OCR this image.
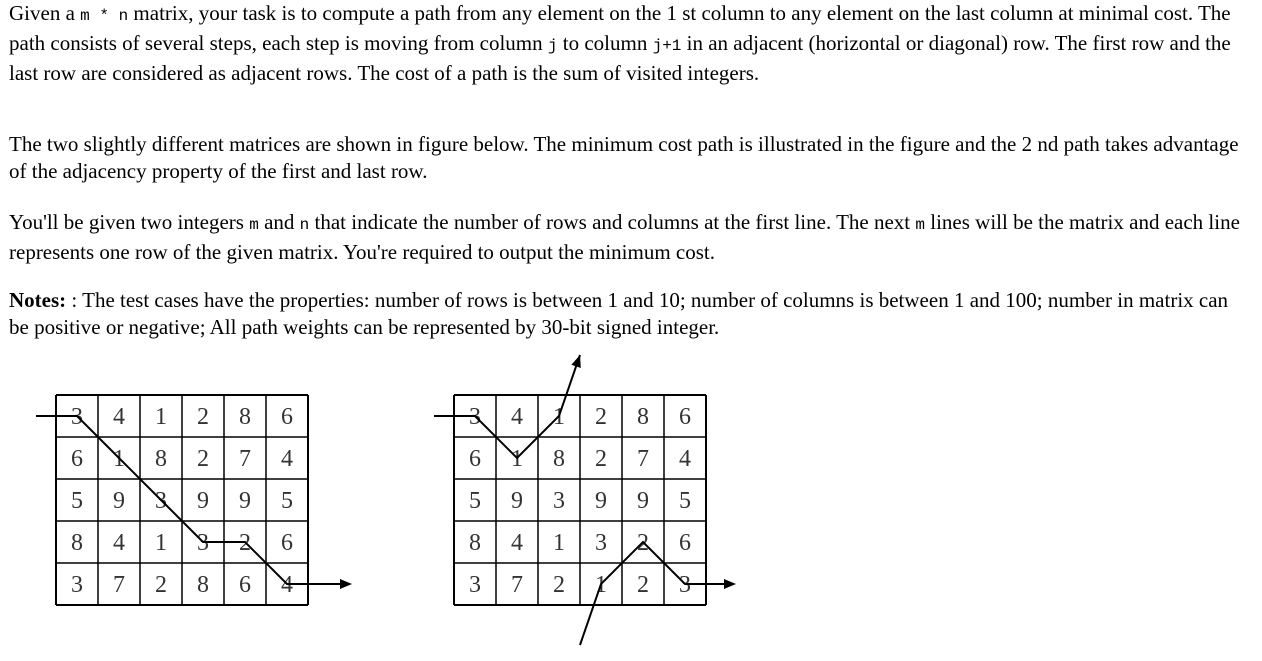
Given a m * n matrix, your task is to compute a path from any element on the 1 st column to any element on the last column at minimal cost. The path consists of several steps, each step is moving from column j to column j+1 in an adjacent (horizontal or diagonal) row. The first row and the last row are considered as adjacent rows. The cost of a path is the sum of visited integers.

The two slightly different matrices are shown in figure below. The minimum cost path is illustrated in the figure and the 2 nd path takes advantage of the adjacency property of the first and last row.

You'll be given two integers m and n that indicate the number of rows and columns at the first line. The next m lines will be the matrix and each line represents one row of the given matrix. You're required to output the minimum cost.

Notes: : The test cases have the properties: number of rows is between 1 and 10; number of columns is between 1 and 100; number in matrix can be positive or negative; All path weights can be represented by 30-bit signed integer.

3 4 1 2 8 6
6 1 8 2 7 4
5 9 3 9 9 5
8 4 1 3 2 6
3 7 2 8 6 4
3 4 1 2 8 6
6 1 8 2 7 4
5 9 3 9 9 5
8 4 1 3 2 6
3 7 2 1 2 3
